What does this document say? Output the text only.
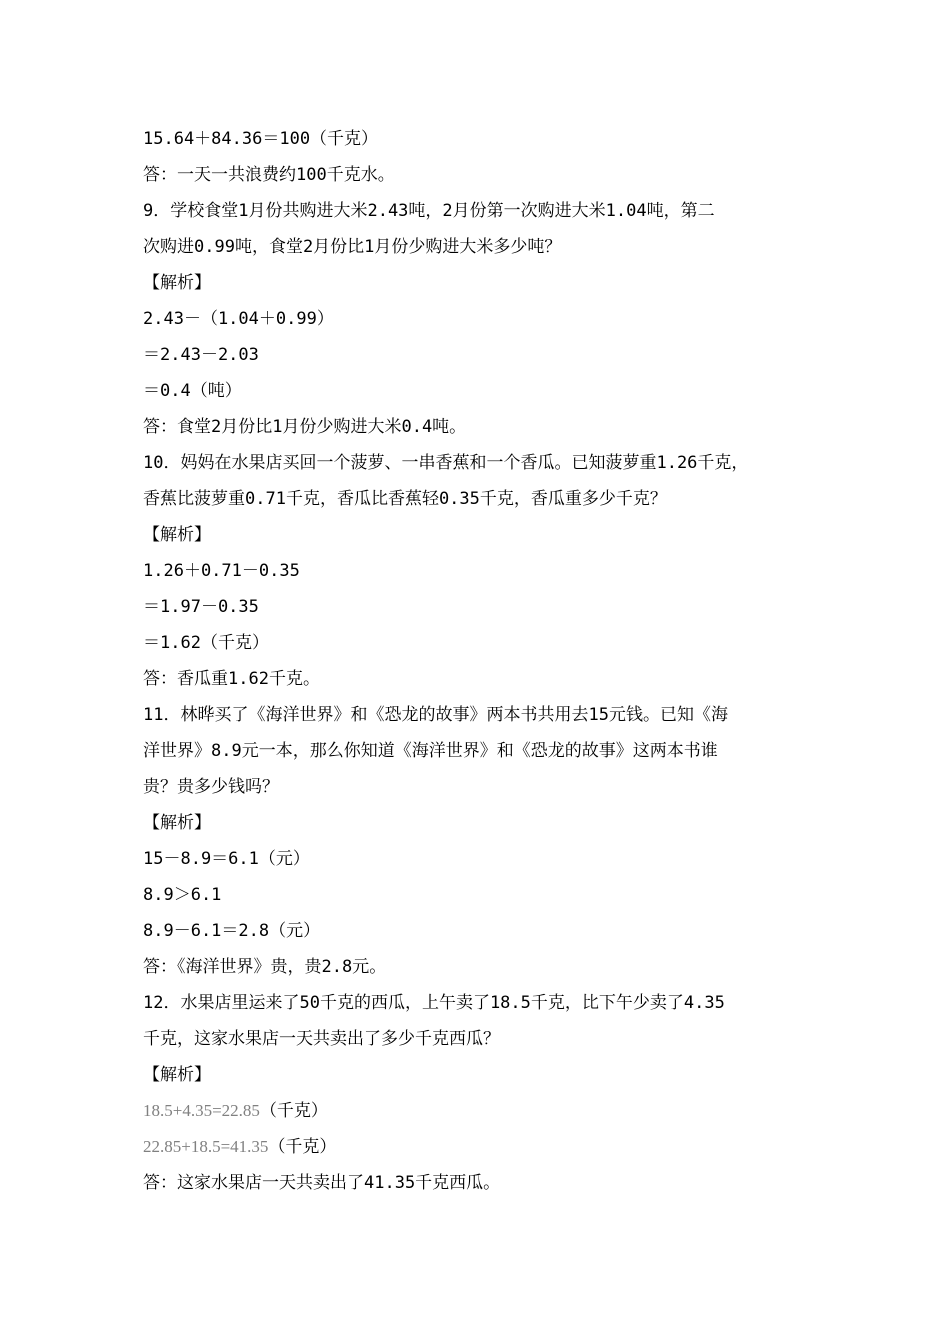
15.64＋84.36＝100（千克）
答：一天一共浪费约100千克水。
9．学校食堂1月份共购进大米2.43吨，2月份第一次购进大米1.04吨，第二
次购进0.99吨，食堂2月份比1月份少购进大米多少吨？
【解析】
2.43－（1.04＋0.99）
＝2.43－2.03
＝0.4（吨）
答：食堂2月份比1月份少购进大米0.4吨。
10．妈妈在水果店买回一个菠萝、一串香蕉和一个香瓜。已知菠萝重1.26千克，
香蕉比菠萝重0.71千克，香瓜比香蕉轻0.35千克，香瓜重多少千克？
【解析】
1.26＋0.71－0.35
＝1.97－0.35
＝1.62（千克）
答：香瓜重1.62千克。
11．林晔买了《海洋世界》和《恐龙的故事》两本书共用去15元钱。已知《海
洋世界》8.9元一本，那么你知道《海洋世界》和《恐龙的故事》这两本书谁
贵？贵多少钱吗？
【解析】
15－8.9＝6.1（元）
8.9＞6.1
8.9－6.1＝2.8（元）
答：《海洋世界》贵，贵2.8元。
12．水果店里运来了50千克的西瓜，上午卖了18.5千克，比下午少卖了4.35
千克，这家水果店一天共卖出了多少千克西瓜？
【解析】
18.5+4.35=22.85（千克）
22.85+18.5=41.35（千克）
答：这家水果店一天共卖出了41.35千克西瓜。
